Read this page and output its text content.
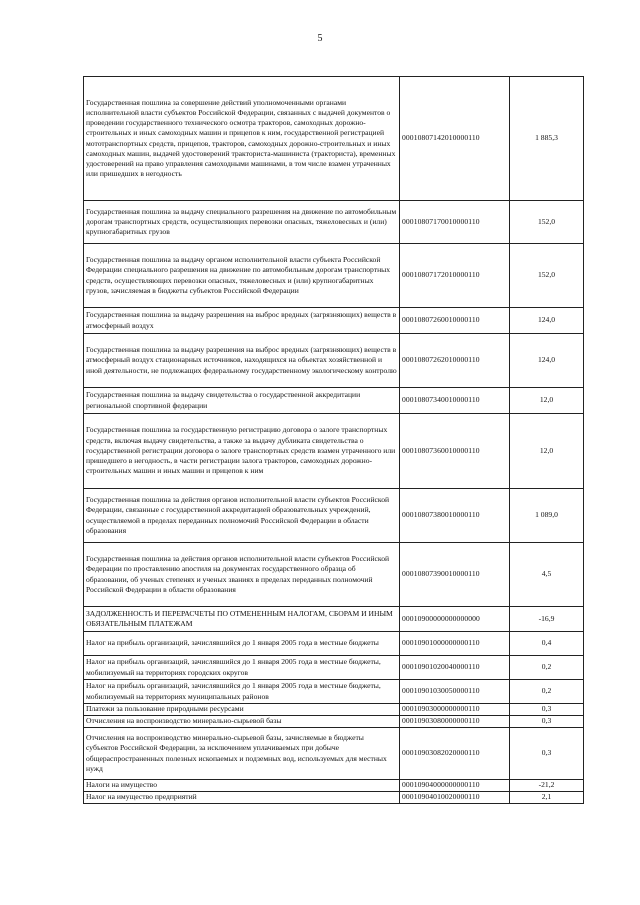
5
Государственная пошлина за совершение действий уполномоченными органами исполнительной власти субъектов Российской Федерации, связанных с выдачей документов о проведении государственного технического осмотра тракторов, самоходных дорожно-строительных и иных самоходных машин и прицепов к ним, государственной регистрацией мототранспортных средств, прицепов, тракторов, самоходных дорожно-строительных и иных самоходных машин, выдачей удостоверений тракториста-машиниста (тракториста), временных удостоверений на право управления самоходными машинами, в том числе взамен утраченных или пришедших в негодность	00010807142010000110	1 885,3
Государственная пошлина за выдачу специального разрешения на движение по автомобильным дорогам транспортных средств, осуществляющих перевозки опасных, тяжеловесных и (или) крупногабаритных грузов	00010807170010000110	152,0
Государственная пошлина за выдачу органом исполнительной власти субъекта Российской Федерации специального разрешения на движение по автомобильным дорогам транспортных средств, осуществляющих перевозки опасных, тяжеловесных и (или) крупногабаритных грузов, зачисляемая в бюджеты субъектов Российской Федерации	00010807172010000110	152,0
Государственная пошлина за выдачу разрешения на выброс вредных (загрязняющих) веществ в атмосферный воздух	00010807260010000110	124,0
Государственная пошлина за выдачу разрешения на выброс вредных (загрязняющих) веществ в атмосферный воздух стационарных источников, находящихся на объектах хозяйственной и иной деятельности, не подлежащих федеральному государственному экологическому контролю	00010807262010000110	124,0
Государственная пошлина за выдачу свидетельства о государственной аккредитации региональной спортивной федерации	00010807340010000110	12,0
Государственная пошлина за государственную регистрацию договора о залоге транспортных средств, включая выдачу свидетельства, а также за выдачу дубликата свидетельства о государственной регистрации договора о залоге транспортных средств взамен утраченного или пришедшего в негодность, в части регистрации залога тракторов, самоходных дорожно-строительных машин и иных машин и прицепов к ним	00010807360010000110	12,0
Государственная пошлина за действия органов исполнительной власти субъектов Российской Федерации, связанные с государственной аккредитацией образовательных учреждений, осуществляемой в пределах переданных полномочий Российской Федерации в области образования	00010807380010000110	1 089,0
Государственная пошлина за действия органов исполнительной власти субъектов Российской Федерации по проставлению апостиля на документах государственного образца об образовании, об ученых степенях и ученых званиях в пределах переданных полномочий Российской Федерации в области образования	00010807390010000110	4,5
ЗАДОЛЖЕННОСТЬ И ПЕРЕРАСЧЕТЫ ПО ОТМЕНЕННЫМ НАЛОГАМ, СБОРАМ И ИНЫМ ОБЯЗАТЕЛЬНЫМ ПЛАТЕЖАМ	00010900000000000000	-16,9
Налог на прибыль организаций, зачислявшийся до 1 января 2005 года в местные бюджеты	00010901000000000110	0,4
Налог на прибыль организаций, зачислявшийся до 1 января 2005 года в местные бюджеты, мобилизуемый на территориях городских округов	00010901020040000110	0,2
Налог на прибыль организаций, зачислявшийся до 1 января 2005 года в местные бюджеты, мобилизуемый на территориях муниципальных районов	00010901030050000110	0,2
Платежи за пользование природными ресурсами	00010903000000000110	0,3
Отчисления на воспроизводство минерально-сырьевой базы	00010903080000000110	0,3
Отчисления на воспроизводство минерально-сырьевой базы, зачисляемые в бюджеты субъектов Российской Федерации, за исключением уплачиваемых при добыче общераспространенных полезных ископаемых и подземных вод, используемых для местных нужд	00010903082020000110	0,3
Налоги на имущество	00010904000000000110	-21,2
Налог на имущество предприятий	00010904010020000110	2,1
